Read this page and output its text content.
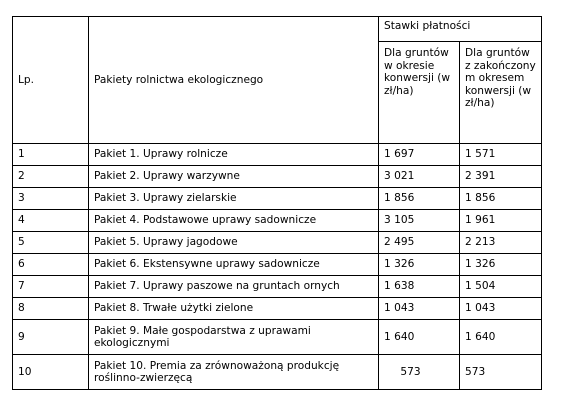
Lp.	Pakiety rolnictwa ekologicznego	Stawki płatności	
		Dla gruntów w okresie konwersji (w zł/ha)	Dla gruntów z zakończony m okresem konwersji (w zł/ha)
1	Pakiet 1. Uprawy rolnicze	1 697	1 571
2	Pakiet 2. Uprawy warzywne	3 021	2 391
3	Pakiet 3. Uprawy zielarskie	1 856	1 856
4	Pakiet 4. Podstawowe uprawy sadownicze	3 105	1 961
5	Pakiet 5. Uprawy jagodowe	2 495	2 213
6	Pakiet 6. Ekstensywne uprawy sadownicze	1 326	1 326
7	Pakiet 7. Uprawy paszowe na gruntach ornych	1 638	1 504
8	Pakiet 8. Trwałe użytki zielone	1 043	1 043
9	Pakiet 9. Małe gospodarstwa z uprawami ekologicznymi	1 640	1 640
10	Pakiet 10. Premia za zrównoważoną produkcję roślinno-zwierzęcą	573	573
